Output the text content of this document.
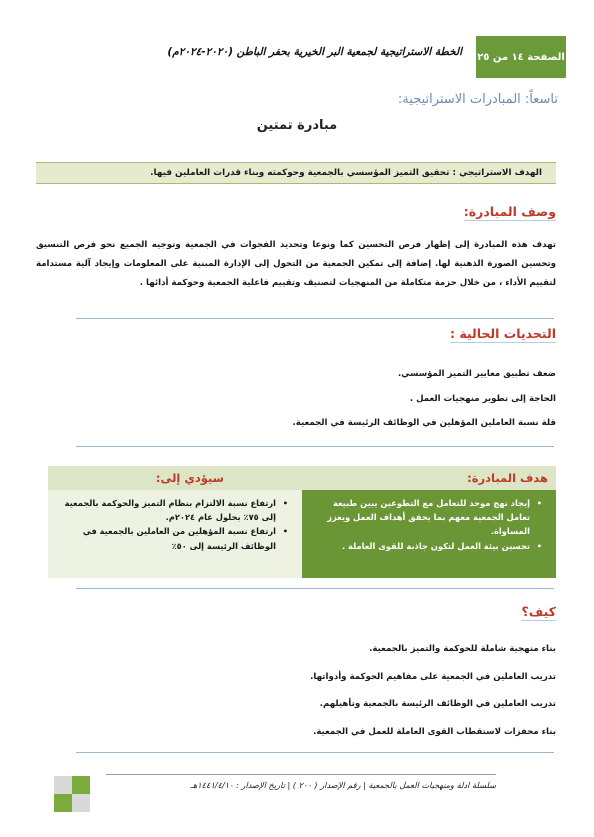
الصفحة ١٤ من ٢٥
الخطة الاستراتيجية لجمعية البر الخيرية بحفر الباطن (٢٠٢٠-٢٠٢٤م)
تاسعاً: المبادرات الاستراتيجية:
مبادرة تمتين
الهدف الاستراتيجي : تحقيق التميز المؤسسي بالجمعية وحوكمته وبناء قدرات العاملين فيها.
وصف المبادرة:
تهدف هذه المبادرة إلى إظهار فرص التحسين كما ونوعا وتحديد الفجوات في الجمعية وتوجيه الجميع نحو فرص التنسيق وتحسين الصورة الذهنية لها. إضافة إلى تمكين الجمعية من التحول إلى الإدارة المبنية على المعلومات وإيجاد آلية مستدامة لتقييم الأداء ، من خلال حزمة متكاملة من المنهجيات لتصنيف وتقييم فاعلية الجمعية وحوكمة أدائها .
التحديات الحالية :
ضعف تطبيق معايير التميز المؤسسي.
الحاجة إلى تطوير منهجيات العمل .
قلة نسبة العاملين المؤهلين في الوظائف الرئيسة في الجمعية.
هدف المبادرة:
سيؤدي إلى:
• إيجاد نهج موحد للتعامل مع التطوعين يبين طبيعة تعامل الجمعية معهم بما يحقق أهداف العمل ويعزز المساواة.
• تحسين بيئة العمل لتكون جاذبة للقوى العاملة .
• ارتفاع نسبة الالتزام بنظام التميز والحوكمة بالجمعية إلى ٧٥٪ بحلول عام ٢٠٢٤م.
• ارتفاع نسبة المؤهلين من العاملين بالجمعية في الوظائف الرئيسة إلى ٥٠٪
كيف؟
بناء منهجية شاملة للحوكمة والتميز بالجمعية.
تدريب العاملين في الجمعية على مفاهيم الحوكمة وأدواتها.
تدريب العاملين في الوظائف الرئيسة بالجمعية وتأهيلهم.
بناء محفزات لاستقطاب القوى العاملة للعمل في الجمعية.
سلسلة ادلة ومنهجيات العمل بالجمعية | رقم الإصدار ( ٢٠٠ ) | تاريخ الإصدار : ١٤٤١/٤/١٠هـ
